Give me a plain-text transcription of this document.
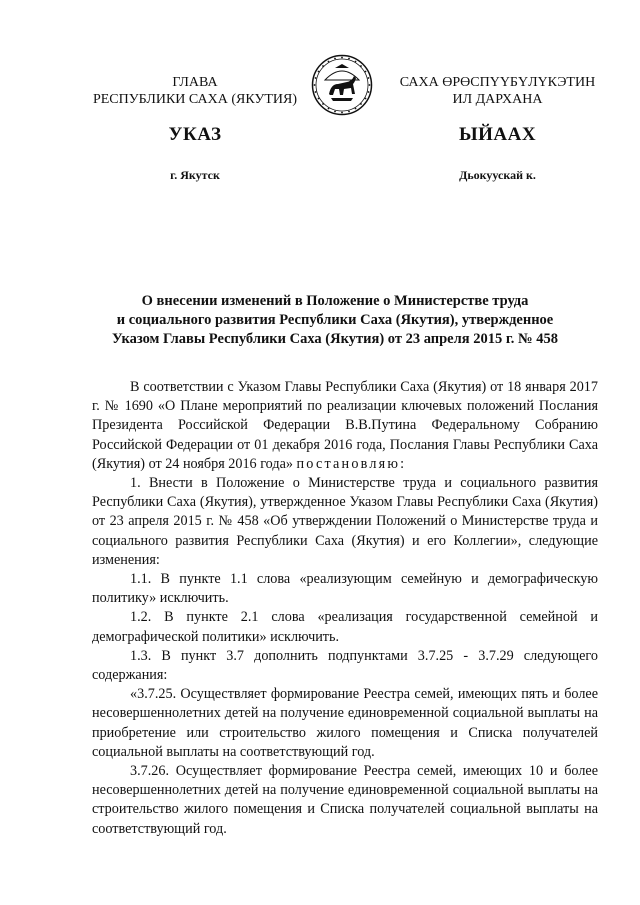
ГЛАВА
РЕСПУБЛИКИ САХА (ЯКУТИЯ)
САХА ӨРӨСПҮҮБҮЛҮКЭТИН
ИЛ ДАРХАНА
УКАЗ	ЫЙААХ
г. Якутск	Дьокуускай к.
О внесении изменений в Положение о Министерстве труда
и социального развития Республики Саха (Якутия), утвержденное
Указом Главы Республики Саха (Якутия) от 23 апреля 2015 г. № 458

В соответствии с Указом Главы Республики Саха (Якутия) от 18 января 2017 г. № 1690 «О Плане мероприятий по реализации ключевых положений Послания Президента Российской Федерации В.В.Путина Федеральному Собранию Российской Федерации от 01 декабря 2016 года, Послания Главы Республики Саха (Якутия) от 24 ноября 2016 года» постановляю:

1. Внести в Положение о Министерстве труда и социального развития Республики Саха (Якутия), утвержденное Указом Главы Республики Саха (Якутия) от 23 апреля 2015 г. № 458 «Об утверждении Положений о Министерстве труда и социального развития Республики Саха (Якутия) и его Коллегии», следующие изменения:

1.1. В пункте 1.1 слова «реализующим семейную и демографическую политику» исключить.

1.2. В пункте 2.1 слова «реализация государственной семейной и демографической политики» исключить.

1.3. В пункт 3.7 дополнить подпунктами 3.7.25 - 3.7.29 следующего содержания:

«3.7.25. Осуществляет формирование Реестра семей, имеющих пять и более несовершеннолетних детей на получение единовременной социальной выплаты на приобретение или строительство жилого помещения и Списка получателей социальной выплаты на соответствующий год.

3.7.26. Осуществляет формирование Реестра семей, имеющих 10 и более несовершеннолетних детей на получение единовременной социальной выплаты на строительство жилого помещения и Списка получателей социальной выплаты на соответствующий год.
